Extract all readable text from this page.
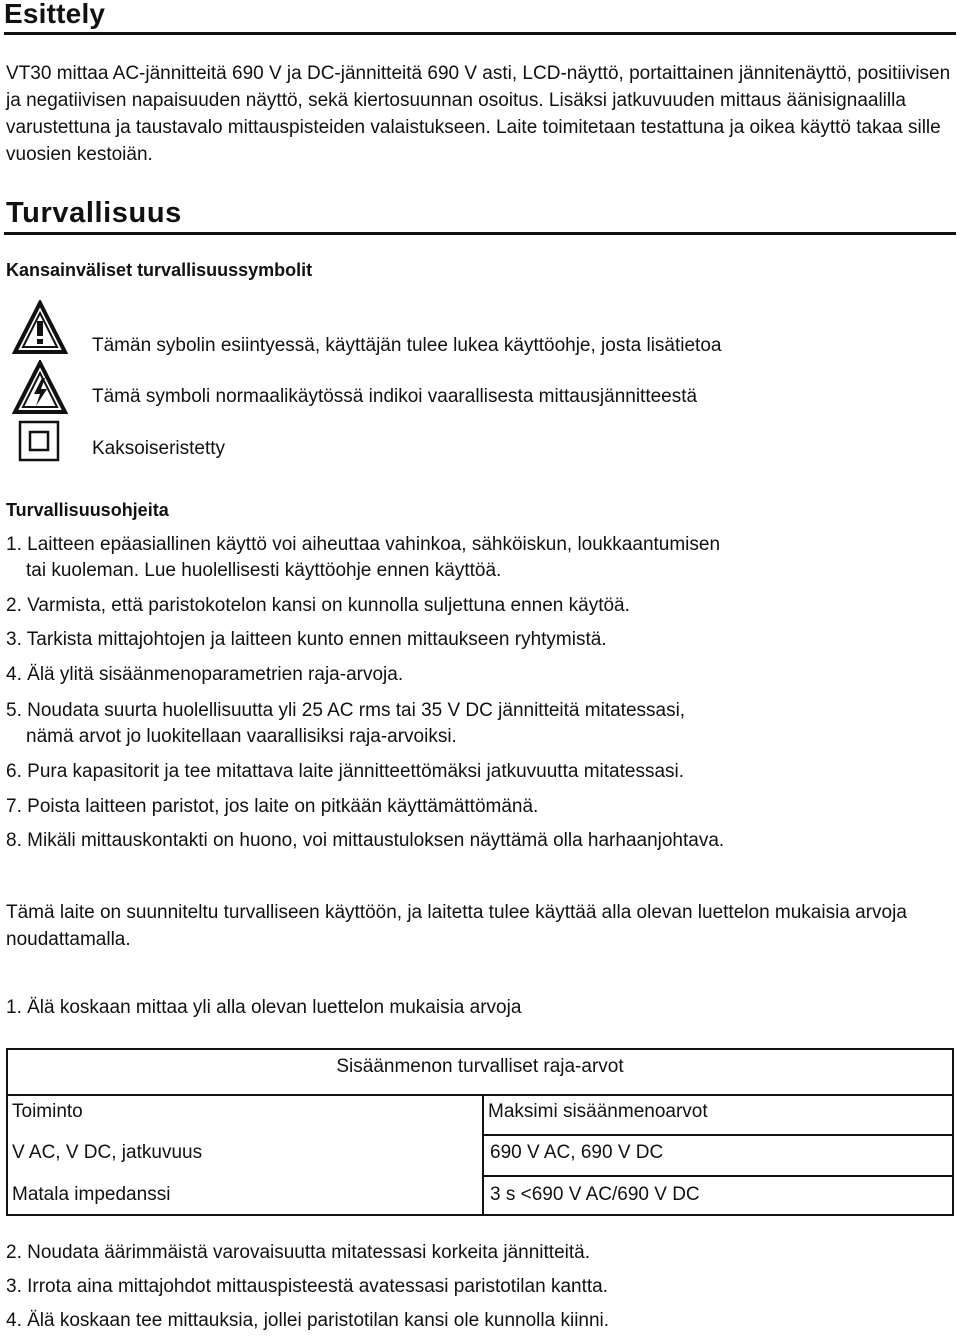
Esittely
VT30 mittaa AC-jännitteitä 690 V ja DC-jännitteitä 690 V asti, LCD-näyttö, portaittainen jännitenäyttö, positiivisen ja negatiivisen napaisuuden näyttö, sekä kiertosuunnan osoitus. Lisäksi jatkuvuuden mittaus äänisignaalilla varustettuna ja taustavalo mittauspisteiden valaistukseen. Laite toimitetaan testattuna ja oikea käyttö takaa sille vuosien kestoiän.
Turvallisuus
Kansainväliset turvallisuussymbolit
Tämän sybolin esiintyessä, käyttäjän tulee lukea käyttöohje, josta lisätietoa
Tämä symboli normaalikäytössä indikoi vaarallisesta mittausjännitteestä
Kaksoiseristetty
Turvallisuusohjeita
1. Laitteen epäasiallinen käyttö voi aiheuttaa vahinkoa, sähköiskun, loukkaantumisen
tai kuoleman. Lue huolellisesti käyttöohje ennen käyttöä.
2. Varmista, että paristokotelon kansi on kunnolla suljettuna ennen käytöä.
3. Tarkista mittajohtojen ja laitteen kunto ennen mittaukseen ryhtymistä.
4. Älä ylitä sisäänmenoparametrien raja-arvoja.
5. Noudata suurta huolellisuutta yli 25 AC rms tai 35 V DC jännitteitä mitatessasi,
nämä arvot jo luokitellaan vaarallisiksi raja-arvoiksi.
6. Pura kapasitorit ja tee mitattava laite jännitteettömäksi jatkuvuutta mitatessasi.
7. Poista laitteen paristot, jos laite on pitkään käyttämättömänä.
8. Mikäli mittauskontakti on huono, voi mittaustuloksen näyttämä olla harhaanjohtava.
Tämä laite on suunniteltu turvalliseen käyttöön, ja laitetta tulee käyttää alla olevan luettelon mukaisia arvoja noudattamalla.
1. Älä koskaan mittaa yli alla olevan luettelon mukaisia arvoja
Sisäänmenon turvalliset raja-arvot
Toiminto	Maksimi sisäänmenoarvot
V AC, V DC, jatkuvuus	690 V AC, 690 V DC
Matala impedanssi	3 s <690 V AC/690 V DC
2. Noudata äärimmäistä varovaisuutta mitatessasi korkeita jännitteitä.
3. Irrota aina mittajohdot mittauspisteestä avatessasi paristotilan kantta.
4. Älä koskaan tee mittauksia, jollei paristotilan kansi ole kunnolla kiinni.
